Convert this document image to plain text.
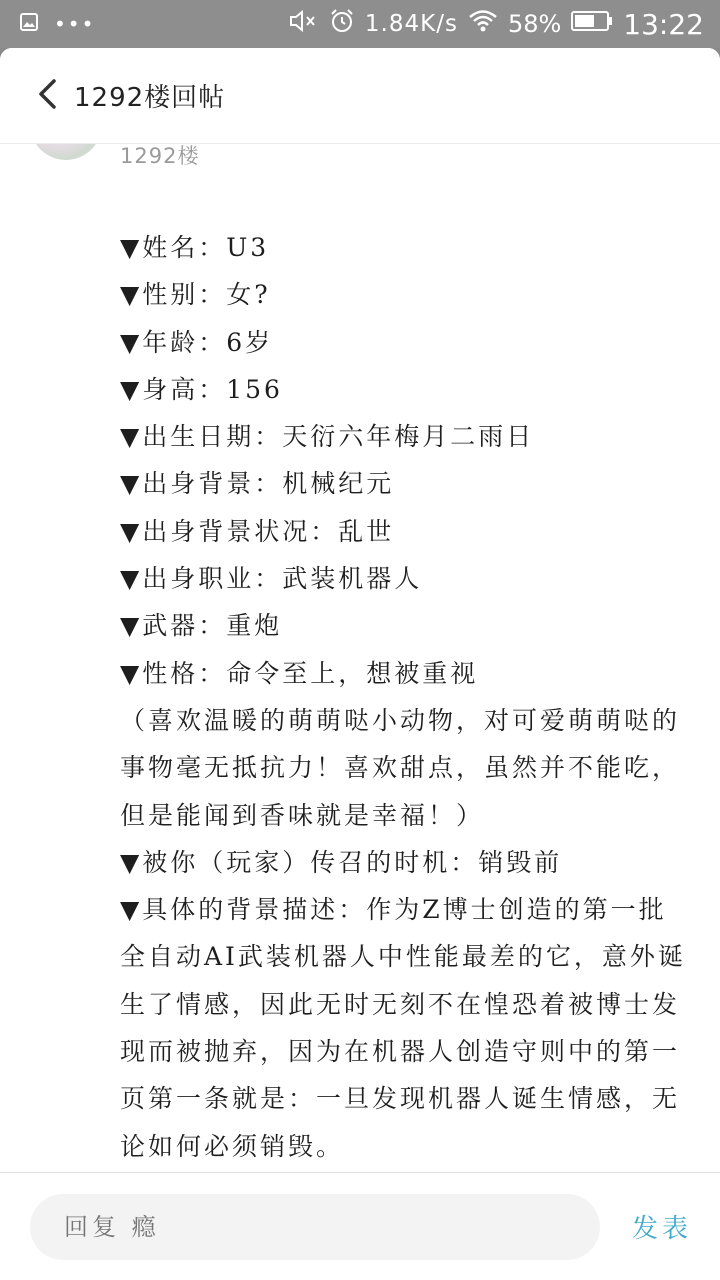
•••	1.84K/s 58% 13:22
1292楼回帖
1292楼
▼姓名：U3
▼性别：女?
▼年龄：6岁
▼身高：156
▼出生日期：天衍六年梅月二雨日
▼出身背景：机械纪元
▼出身背景状况：乱世
▼出身职业：武装机器人
▼武器：重炮
▼性格：命令至上，想被重视
（喜欢温暖的萌萌哒小动物，对可爱萌萌哒的
事物毫无抵抗力！喜欢甜点，虽然并不能吃，
但是能闻到香味就是幸福！）
▼被你（玩家）传召的时机：销毁前
▼具体的背景描述：作为Z博士创造的第一批
全自动AI武装机器人中性能最差的它，意外诞
生了情感，因此无时无刻不在惶恐着被博士发
现而被抛弃，因为在机器人创造守则中的第一
页第一条就是：一旦发现机器人诞生情感，无
论如何必须销毁。
回复 瘾
发表
